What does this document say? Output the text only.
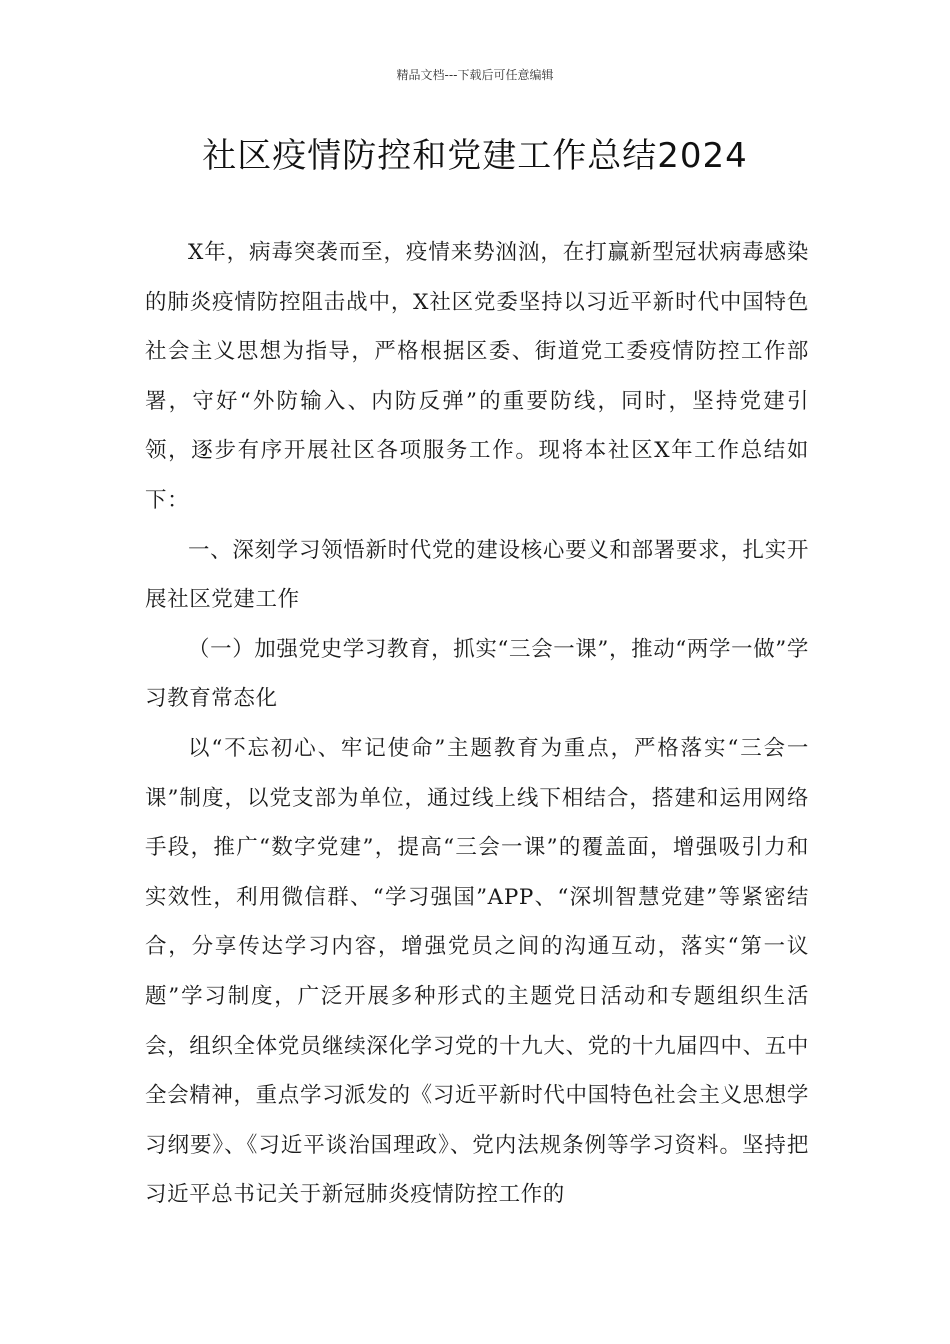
精品文档---下载后可任意编辑
社区疫情防控和党建工作总结2024

X年，病毒突袭而至，疫情来势汹汹，在打赢新型冠状病毒感染的肺炎疫情防控阻击战中，X社区党委坚持以习近平新时代中国特色社会主义思想为指导，严格根据区委、街道党工委疫情防控工作部署，守好“外防输入、内防反弹”的重要防线，同时，坚持党建引领，逐步有序开展社区各项服务工作。现将本社区X年工作总结如下：

一、深刻学习领悟新时代党的建设核心要义和部署要求，扎实开展社区党建工作

（一）加强党史学习教育，抓实“三会一课”，推动“两学一做”学习教育常态化

以“不忘初心、牢记使命”主题教育为重点，严格落实“三会一课”制度，以党支部为单位，通过线上线下相结合，搭建和运用网络手段，推广“数字党建”，提高“三会一课”的覆盖面，增强吸引力和实效性，利用微信群、“学习强国”APP、“深圳智慧党建”等紧密结合，分享传达学习内容，增强党员之间的沟通互动，落实“第一议题”学习制度，广泛开展多种形式的主题党日活动和专题组织生活会，组织全体党员继续深化学习党的十九大、党的十九届四中、五中全会精神，重点学习派发的《习近平新时代中国特色社会主义思想学习纲要》、《习近平谈治国理政》、党内法规条例等学习资料。坚持把习近平总书记关于新冠肺炎疫情防控工作的
